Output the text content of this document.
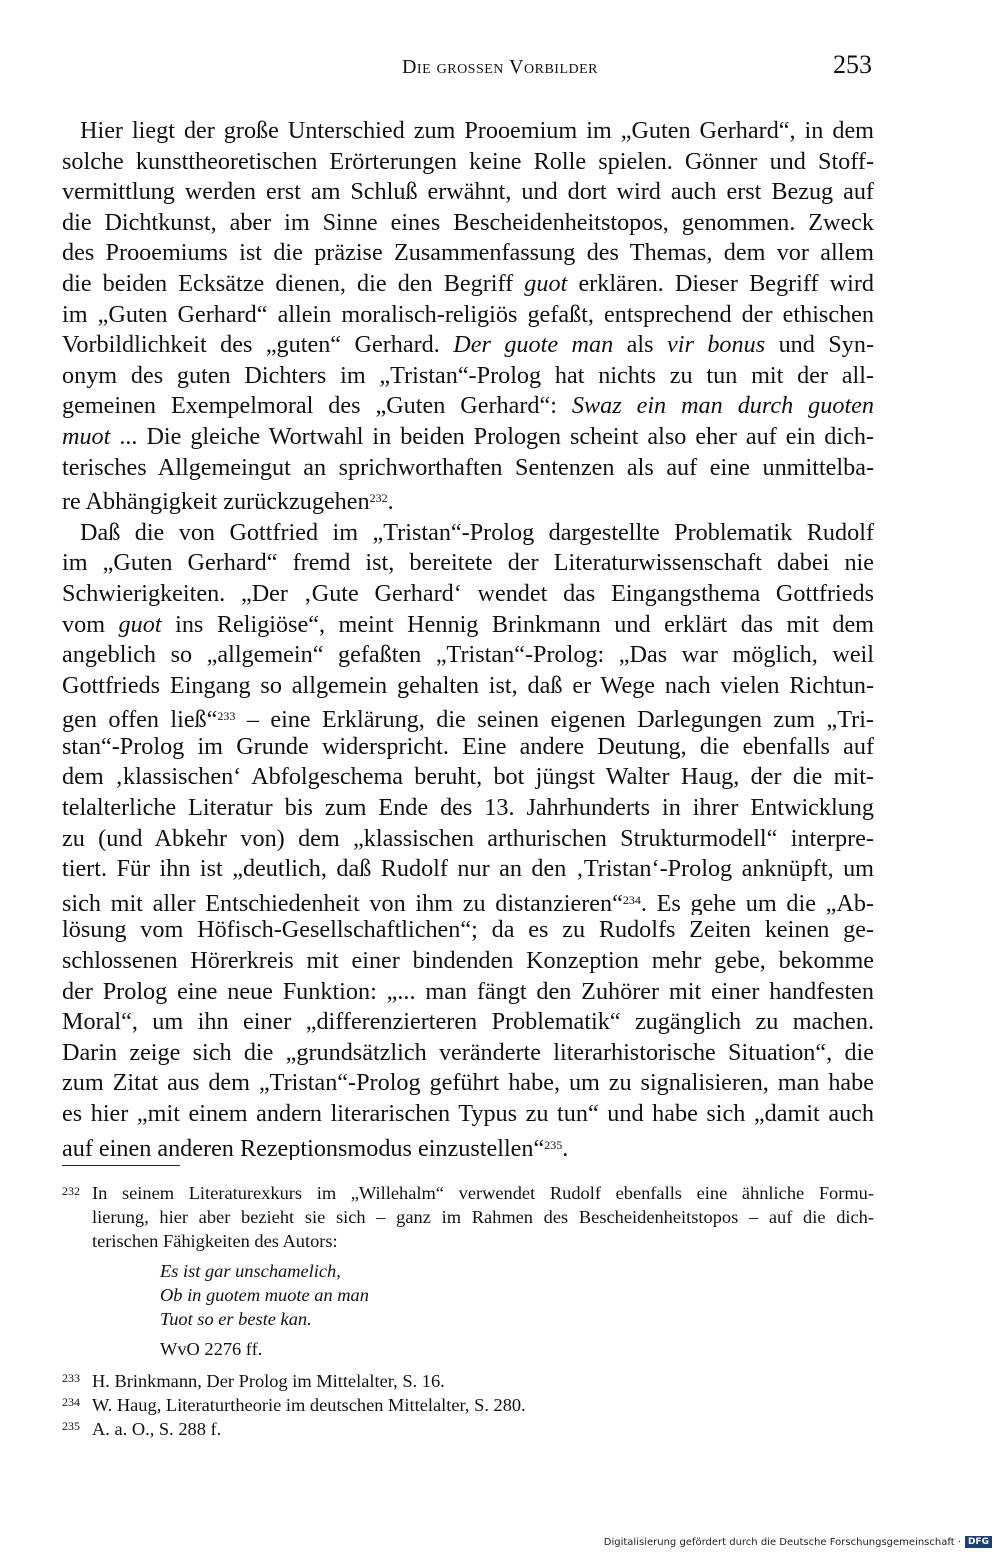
Die grossen Vorbilder	253
Hier liegt der große Unterschied zum Prooemium im „Guten Gerhard“, in dem
solche kunsttheoretischen Erörterungen keine Rolle spielen. Gönner und Stoff-
vermittlung werden erst am Schluß erwähnt, und dort wird auch erst Bezug auf
die Dichtkunst, aber im Sinne eines Bescheidenheitstopos, genommen. Zweck
des Prooemiums ist die präzise Zusammenfassung des Themas, dem vor allem
die beiden Ecksätze dienen, die den Begriff guot erklären. Dieser Begriff wird
im „Guten Gerhard“ allein moralisch-religiös gefaßt, entsprechend der ethischen
Vorbildlichkeit des „guten“ Gerhard. Der guote man als vir bonus und Syn-
onym des guten Dichters im „Tristan“-Prolog hat nichts zu tun mit der all-
gemeinen Exempelmoral des „Guten Gerhard“: Swaz ein man durch guoten
muot ... Die gleiche Wortwahl in beiden Prologen scheint also eher auf ein dich-
terisches Allgemeingut an sprichworthaften Sentenzen als auf eine unmittelba-
re Abhängigkeit zurückzugehen$^{232}$.
Daß die von Gottfried im „Tristan“-Prolog dargestellte Problematik Rudolf
im „Guten Gerhard“ fremd ist, bereitete der Literaturwissenschaft dabei nie
Schwierigkeiten. „Der ‚Gute Gerhard‘ wendet das Eingangsthema Gottfrieds
vom guot ins Religiöse“, meint Hennig Brinkmann und erklärt das mit dem
angeblich so „allgemein“ gefaßten „Tristan“-Prolog: „Das war möglich, weil
Gottfrieds Eingang so allgemein gehalten ist, daß er Wege nach vielen Richtun-
gen offen ließ“$^{233}$ – eine Erklärung, die seinen eigenen Darlegungen zum „Tri-
stan“-Prolog im Grunde widerspricht. Eine andere Deutung, die ebenfalls auf
dem ‚klassischen‘ Abfolgeschema beruht, bot jüngst Walter Haug, der die mit-
telalterliche Literatur bis zum Ende des 13. Jahrhunderts in ihrer Entwicklung
zu (und Abkehr von) dem „klassischen arthurischen Strukturmodell“ interpre-
tiert. Für ihn ist „deutlich, daß Rudolf nur an den ‚Tristan‘-Prolog anknüpft, um
sich mit aller Entschiedenheit von ihm zu distanzieren“$^{234}$. Es gehe um die „Ab-
lösung vom Höfisch-Gesellschaftlichen“; da es zu Rudolfs Zeiten keinen ge-
schlossenen Hörerkreis mit einer bindenden Konzeption mehr gebe, bekomme
der Prolog eine neue Funktion: „... man fängt den Zuhörer mit einer handfesten
Moral“, um ihn einer „differenzierteren Problematik“ zugänglich zu machen.
Darin zeige sich die „grundsätzlich veränderte literarhistorische Situation“, die
zum Zitat aus dem „Tristan“-Prolog geführt habe, um zu signalisieren, man habe
es hier „mit einem andern literarischen Typus zu tun“ und habe sich „damit auch
auf einen anderen Rezeptionsmodus einzustellen“$^{235}$.
232 In seinem Literaturexkurs im „Willehalm“ verwendet Rudolf ebenfalls eine ähnliche Formu-
lierung, hier aber bezieht sie sich – ganz im Rahmen des Bescheidenheitstopos – auf die dich-
terischen Fähigkeiten des Autors:
Es ist gar unschamelich,
Ob in guotem muote an man
Tuot so er beste kan.
WvO 2276 ff.
233 H. Brinkmann, Der Prolog im Mittelalter, S. 16.
234 W. Haug, Literaturtheorie im deutschen Mittelalter, S. 280.
235 A. a. O., S. 288 f.
Digitalisierung gefördert durch die Deutsche Forschungsgemeinschaft · DFG
